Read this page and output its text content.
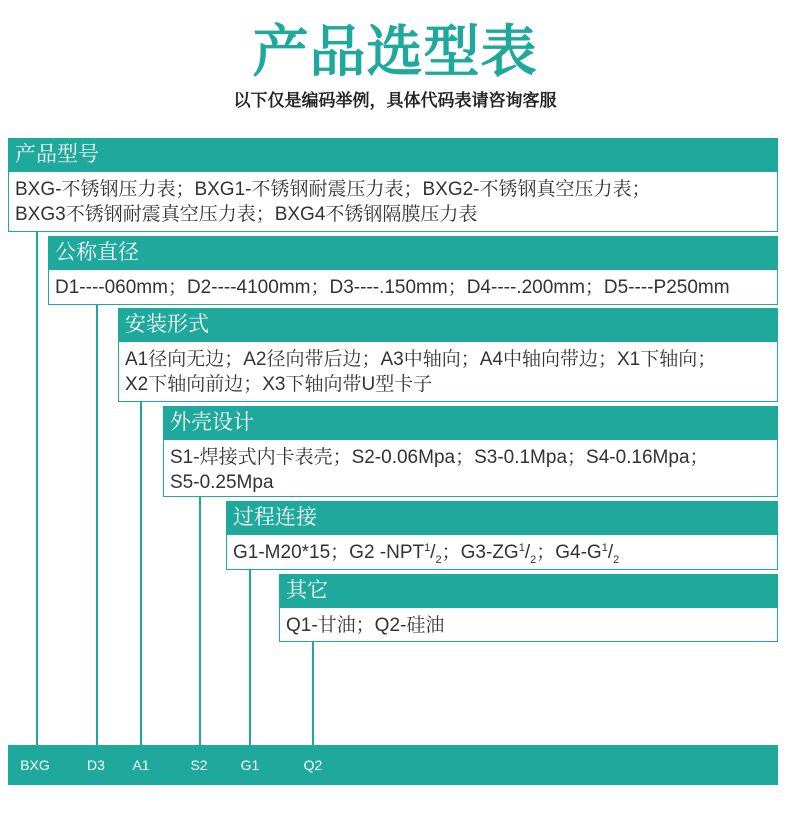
产品选型表
以下仅是编码举例，具体代码表请咨询客服
产品型号
BXG-不锈钢压力表；BXG1-不锈钢耐震压力表；BXG2-不锈钢真空压力表；
BXG3不锈钢耐震真空压力表；BXG4不锈钢隔膜压力表
公称直径
D1----060mm；D2----4100mm；D3----.150mm；D4----.200mm；D5----P250mm
安装形式
A1径向无边；A2径向带后边；A3中轴向；A4中轴向带边；X1下轴向；
X2下轴向前边；X3下轴向带U型卡子
外壳设计
S1-焊接式内卡表壳；S2-0.06Mpa；S3-0.1Mpa；S4-0.16Mpa；
S5-0.25Mpa
过程连接
G1-M20*15；G2 $-NPT^1/_2$；$G3-ZG^1/_2$；$G4-G^1/_2$
其它
Q1-甘油；Q2-硅油
BXG	D3	A1	S2	G1	Q2
